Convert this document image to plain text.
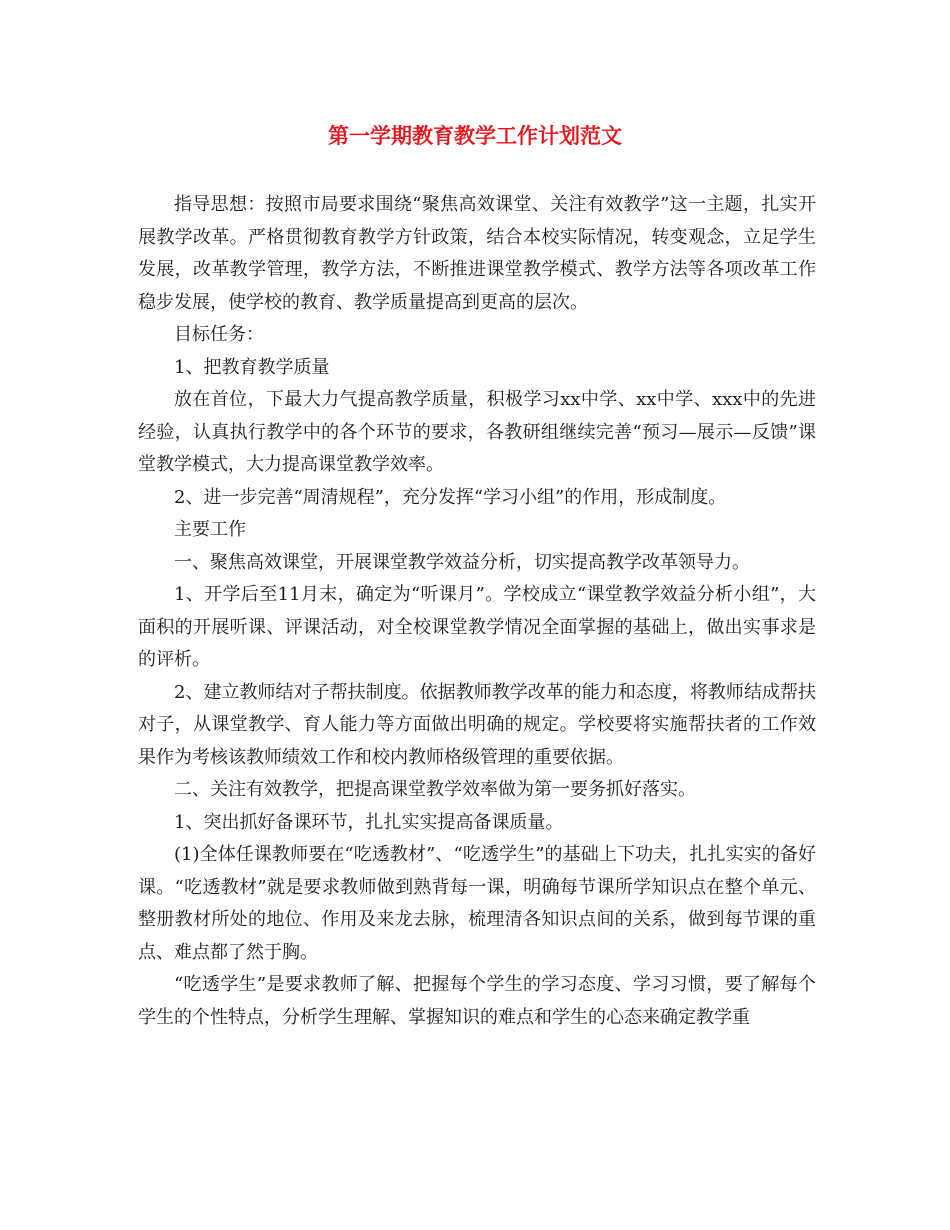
第一学期教育教学工作计划范文

指导思想：按照市局要求围绕“聚焦高效课堂、关注有效教学”这一主题，扎实开展教学改革。严格贯彻教育教学方针政策，结合本校实际情况，转变观念，立足学生发展，改革教学管理，教学方法，不断推进课堂教学模式、教学方法等各项改革工作稳步发展，使学校的教育、教学质量提高到更高的层次。

目标任务：

1、把教育教学质量

放在首位，下最大力气提高教学质量，积极学习xx中学、xx中学、xxx中的先进经验，认真执行教学中的各个环节的要求，各教研组继续完善“预习—展示—反馈”课堂教学模式，大力提高课堂教学效率。

2、进一步完善“周清规程”，充分发挥“学习小组”的作用，形成制度。

主要工作

一、聚焦高效课堂，开展课堂教学效益分析，切实提高教学改革领导力。

1、开学后至11月末，确定为“听课月”。学校成立“课堂教学效益分析小组”，大面积的开展听课、评课活动，对全校课堂教学情况全面掌握的基础上，做出实事求是的评析。

2、建立教师结对子帮扶制度。依据教师教学改革的能力和态度，将教师结成帮扶对子，从课堂教学、育人能力等方面做出明确的规定。学校要将实施帮扶者的工作效果作为考核该教师绩效工作和校内教师格级管理的重要依据。

二、关注有效教学，把提高课堂教学效率做为第一要务抓好落实。

1、突出抓好备课环节，扎扎实实提高备课质量。

(1)全体任课教师要在“吃透教材”、“吃透学生”的基础上下功夫，扎扎实实的备好课。“吃透教材”就是要求教师做到熟背每一课，明确每节课所学知识点在整个单元、整册教材所处的地位、作用及来龙去脉，梳理清各知识点间的关系，做到每节课的重点、难点都了然于胸。

“吃透学生”是要求教师了解、把握每个学生的学习态度、学习习惯，要了解每个学生的个性特点，分析学生理解、掌握知识的难点和学生的心态来确定教学重
